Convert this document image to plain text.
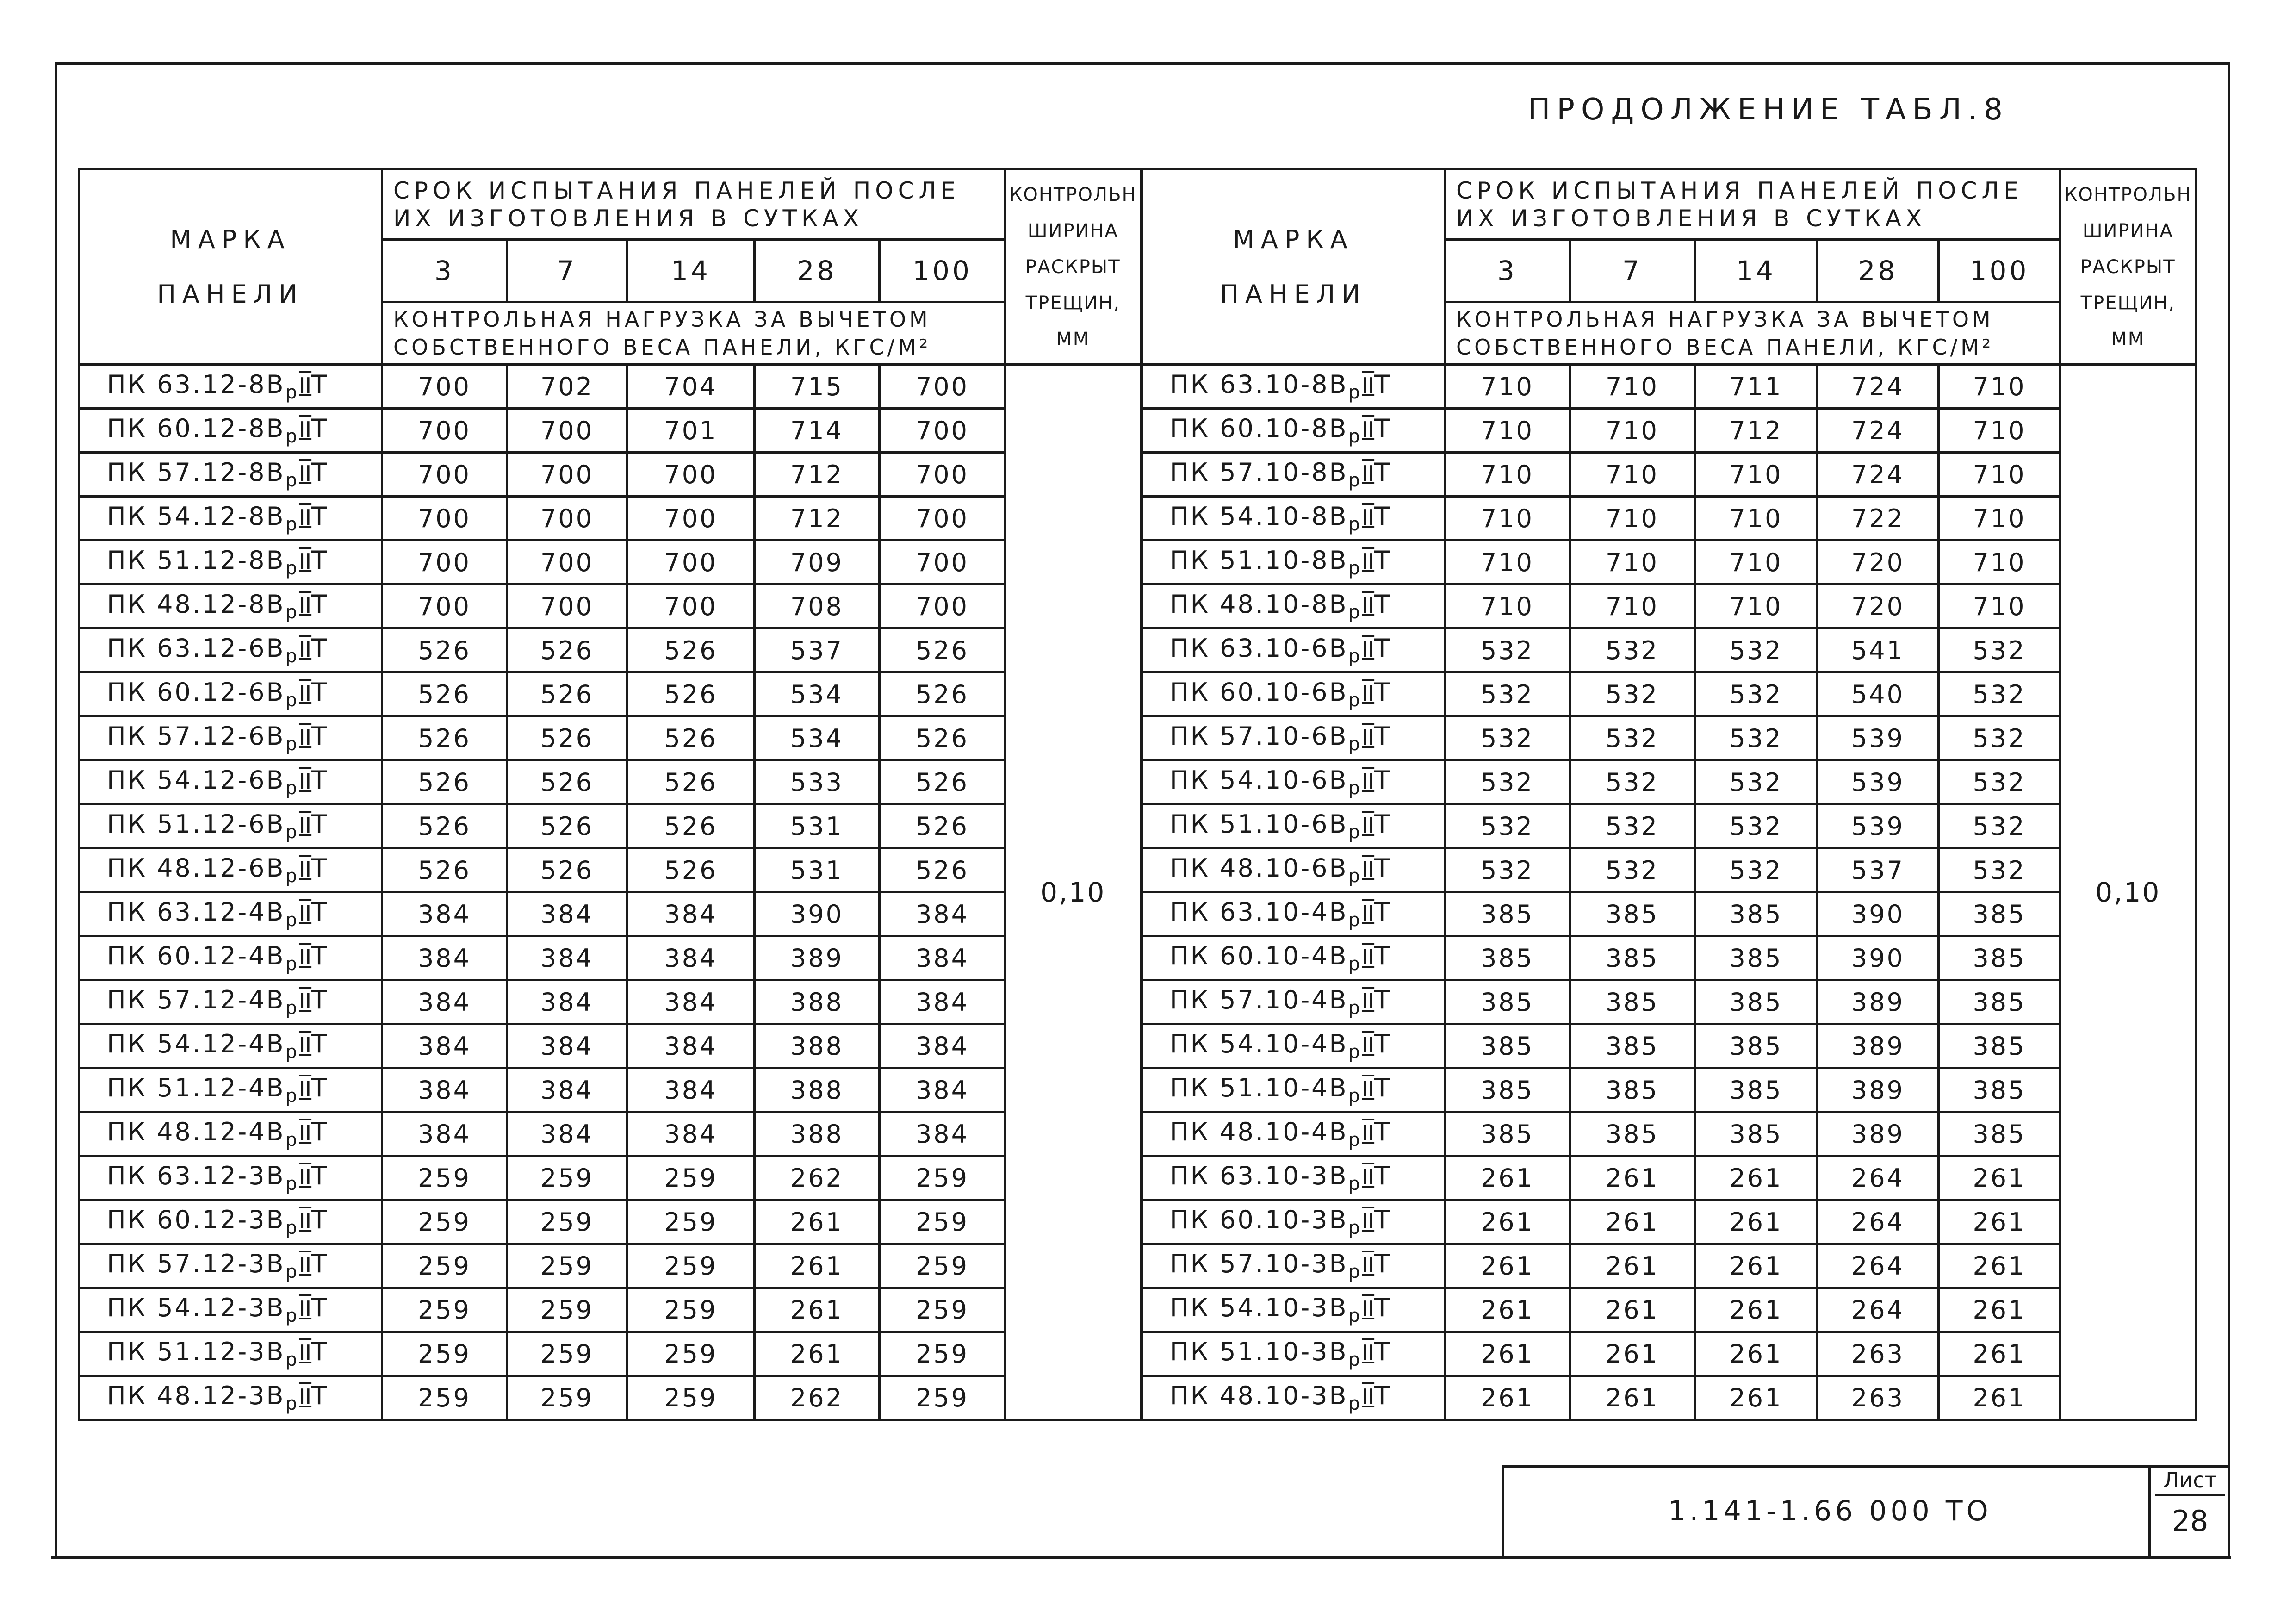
ПРОДОЛЖЕНИЕ ТАБЛ.8
МАРКА ПАНЕЛИ	СРОК ИСПЫТАНИЯ ПАНЕЛЕЙ ПОСЛЕ ИХ ИЗГОТОВЛЕНИЯ В СУТКАХ					КОНТРОЛЬН ШИРИНА РАСКРЫТ ТРЕЩИН, ММ
	3	7	14	28	100	
	КОНТРОЛЬНАЯ НАГРУЗКА ЗА ВЫЧЕТОМ СОБСТВЕННОГО ВЕСА ПАНЕЛИ, КГС/М²					
ПК $63.12-8В_рIIТ$	700	702	704	715	700	0,10
ПК $60.12-8В_рIIТ$	700	700	701	714	700	
ПК $57.12-8В_рIIТ$	700	700	700	712	700	
ПК $54.12-8В_рIIТ$	700	700	700	712	700	
ПК $51.12-8В_рIIТ$	700	700	700	709	700	
ПК $48.12-8В_рIIТ$	700	700	700	708	700	
ПК $63.12-6В_рIIТ$	526	526	526	537	526	
ПК $60.12-6В_рIIТ$	526	526	526	534	526	
ПК $57.12-6В_рIIТ$	526	526	526	534	526	
ПК $54.12-6В_рIIТ$	526	526	526	533	526	
ПК $51.12-6В_рIIТ$	526	526	526	531	526	
ПК $48.12-6В_рIIТ$	526	526	526	531	526	
ПК $63.12-4В_рIIТ$	384	384	384	390	384	
ПК $60.12-4В_рIIТ$	384	384	384	389	384	
ПК $57.12-4В_рIIТ$	384	384	384	388	384	
ПК $54.12-4В_рIIТ$	384	384	384	388	384	
ПК $51.12-4В_рIIТ$	384	384	384	388	384	
ПК $48.12-4В_рIIТ$	384	384	384	388	384	
ПК $63.12-3В_рIIТ$	259	259	259	262	259	
ПК $60.12-3В_рIIТ$	259	259	259	261	259	
ПК $57.12-3В_рIIТ$	259	259	259	261	259	
ПК $54.12-3В_рIIТ$	259	259	259	261	259	
ПК $51.12-3В_рIIТ$	259	259	259	261	259	
ПК $48.12-3В_рIIТ$	259	259	259	262	259	
МАРКА ПАНЕЛИ	СРОК ИСПЫТАНИЯ ПАНЕЛЕЙ ПОСЛЕ ИХ ИЗГОТОВЛЕНИЯ В СУТКАХ					КОНТРОЛЬН ШИРИНА РАСКРЫТ ТРЕЩИН, ММ
	3	7	14	28	100	
	КОНТРОЛЬНАЯ НАГРУЗКА ЗА ВЫЧЕТОМ СОБСТВЕННОГО ВЕСА ПАНЕЛИ, КГС/М²					
ПК $63.10-8В_рIIТ$	710	710	711	724	710	0,10
ПК $60.10-8В_рIIТ$	710	710	712	724	710	
ПК $57.10-8В_рIIТ$	710	710	710	724	710	
ПК $54.10-8В_рIIТ$	710	710	710	722	710	
ПК $51.10-8В_рIIТ$	710	710	710	720	710	
ПК $48.10-8В_рIIТ$	710	710	710	720	710	
ПК $63.10-6В_рIIТ$	532	532	532	541	532	
ПК $60.10-6В_рIIТ$	532	532	532	540	532	
ПК $57.10-6В_рIIТ$	532	532	532	539	532	
ПК $54.10-6В_рIIТ$	532	532	532	539	532	
ПК $51.10-6В_рIIТ$	532	532	532	539	532	
ПК $48.10-6В_рIIТ$	532	532	532	537	532	
ПК $63.10-4В_рIIТ$	385	385	385	390	385	
ПК $60.10-4В_рIIТ$	385	385	385	390	385	
ПК $57.10-4В_рIIТ$	385	385	385	389	385	
ПК $54.10-4В_рIIТ$	385	385	385	389	385	
ПК $51.10-4В_рIIТ$	385	385	385	389	385	
ПК $48.10-4В_рIIТ$	385	385	385	389	385	
ПК $63.10-3В_рIIТ$	261	261	261	264	261	
ПК $60.10-3В_рIIТ$	261	261	261	264	261	
ПК $57.10-3В_рIIТ$	261	261	261	264	261	
ПК $54.10-3В_рIIТ$	261	261	261	264	261	
ПК $51.10-3В_рIIТ$	261	261	261	263	261	
ПК $48.10-3В_рIIТ$	261	261	261	263	261	
1.141-1.66 000 ТО
Лист
28
